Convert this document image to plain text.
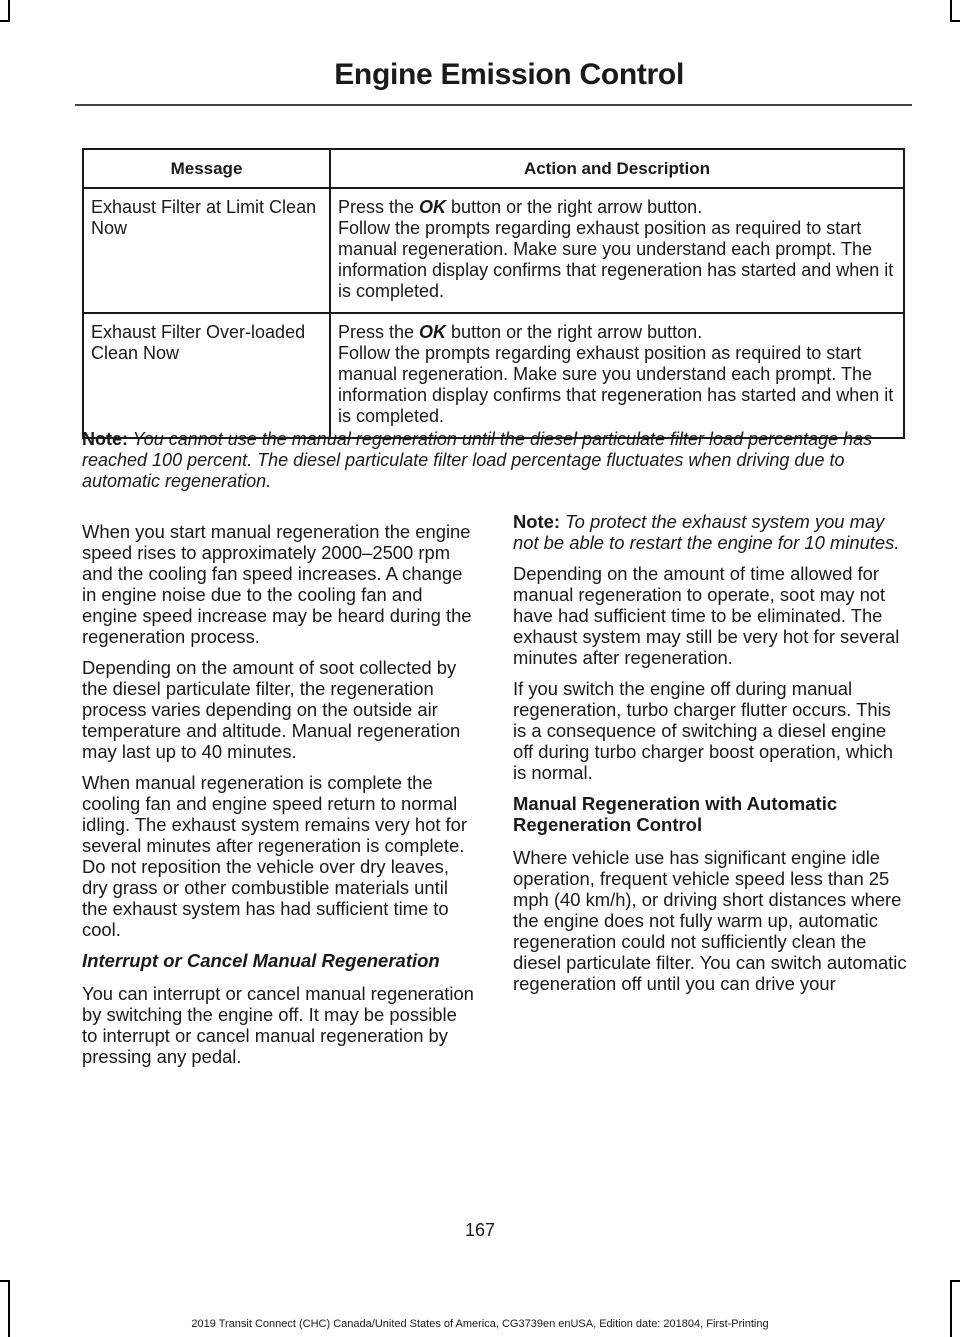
Engine Emission Control
Message	Action and Description
Exhaust Filter at Limit Clean Now	Press the OK button or the right arrow button.
Follow the prompts regarding exhaust position as required to start manual regeneration. Make sure you understand each prompt. The information display confirms that regeneration has started and when it is completed.
Exhaust Filter Over-loaded Clean Now	Press the OK button or the right arrow button.
Follow the prompts regarding exhaust position as required to start manual regeneration. Make sure you understand each prompt. The information display confirms that regeneration has started and when it is completed.
Note: You cannot use the manual regeneration until the diesel particulate filter load percentage has reached 100 percent. The diesel particulate filter load percentage fluctuates when driving due to automatic regeneration.

When you start manual regeneration the engine speed rises to approximately 2000–2500 rpm and the cooling fan speed increases. A change in engine noise due to the cooling fan and engine speed increase may be heard during the regeneration process.

Depending on the amount of soot collected by the diesel particulate filter, the regeneration process varies depending on the outside air temperature and altitude. Manual regeneration may last up to 40 minutes.

When manual regeneration is complete the cooling fan and engine speed return to normal idling. The exhaust system remains very hot for several minutes after regeneration is complete. Do not reposition the vehicle over dry leaves, dry grass or other combustible materials until the exhaust system has had sufficient time to cool.

Interrupt or Cancel Manual Regeneration

You can interrupt or cancel manual regeneration by switching the engine off. It may be possible to interrupt or cancel manual regeneration by pressing any pedal.

Note: To protect the exhaust system you may not be able to restart the engine for 10 minutes.

Depending on the amount of time allowed for manual regeneration to operate, soot may not have had sufficient time to be eliminated. The exhaust system may still be very hot for several minutes after regeneration.

If you switch the engine off during manual regeneration, turbo charger flutter occurs. This is a consequence of switching a diesel engine off during turbo charger boost operation, which is normal.

Manual Regeneration with Automatic Regeneration Control

Where vehicle use has significant engine idle operation, frequent vehicle speed less than 25 mph (40 km/h), or driving short distances where the engine does not fully warm up, automatic regeneration could not sufficiently clean the diesel particulate filter. You can switch automatic regeneration off until you can drive your

167
2019 Transit Connect (CHC) Canada/United States of America, CG3739en enUSA, Edition date: 201804, First-Printing
